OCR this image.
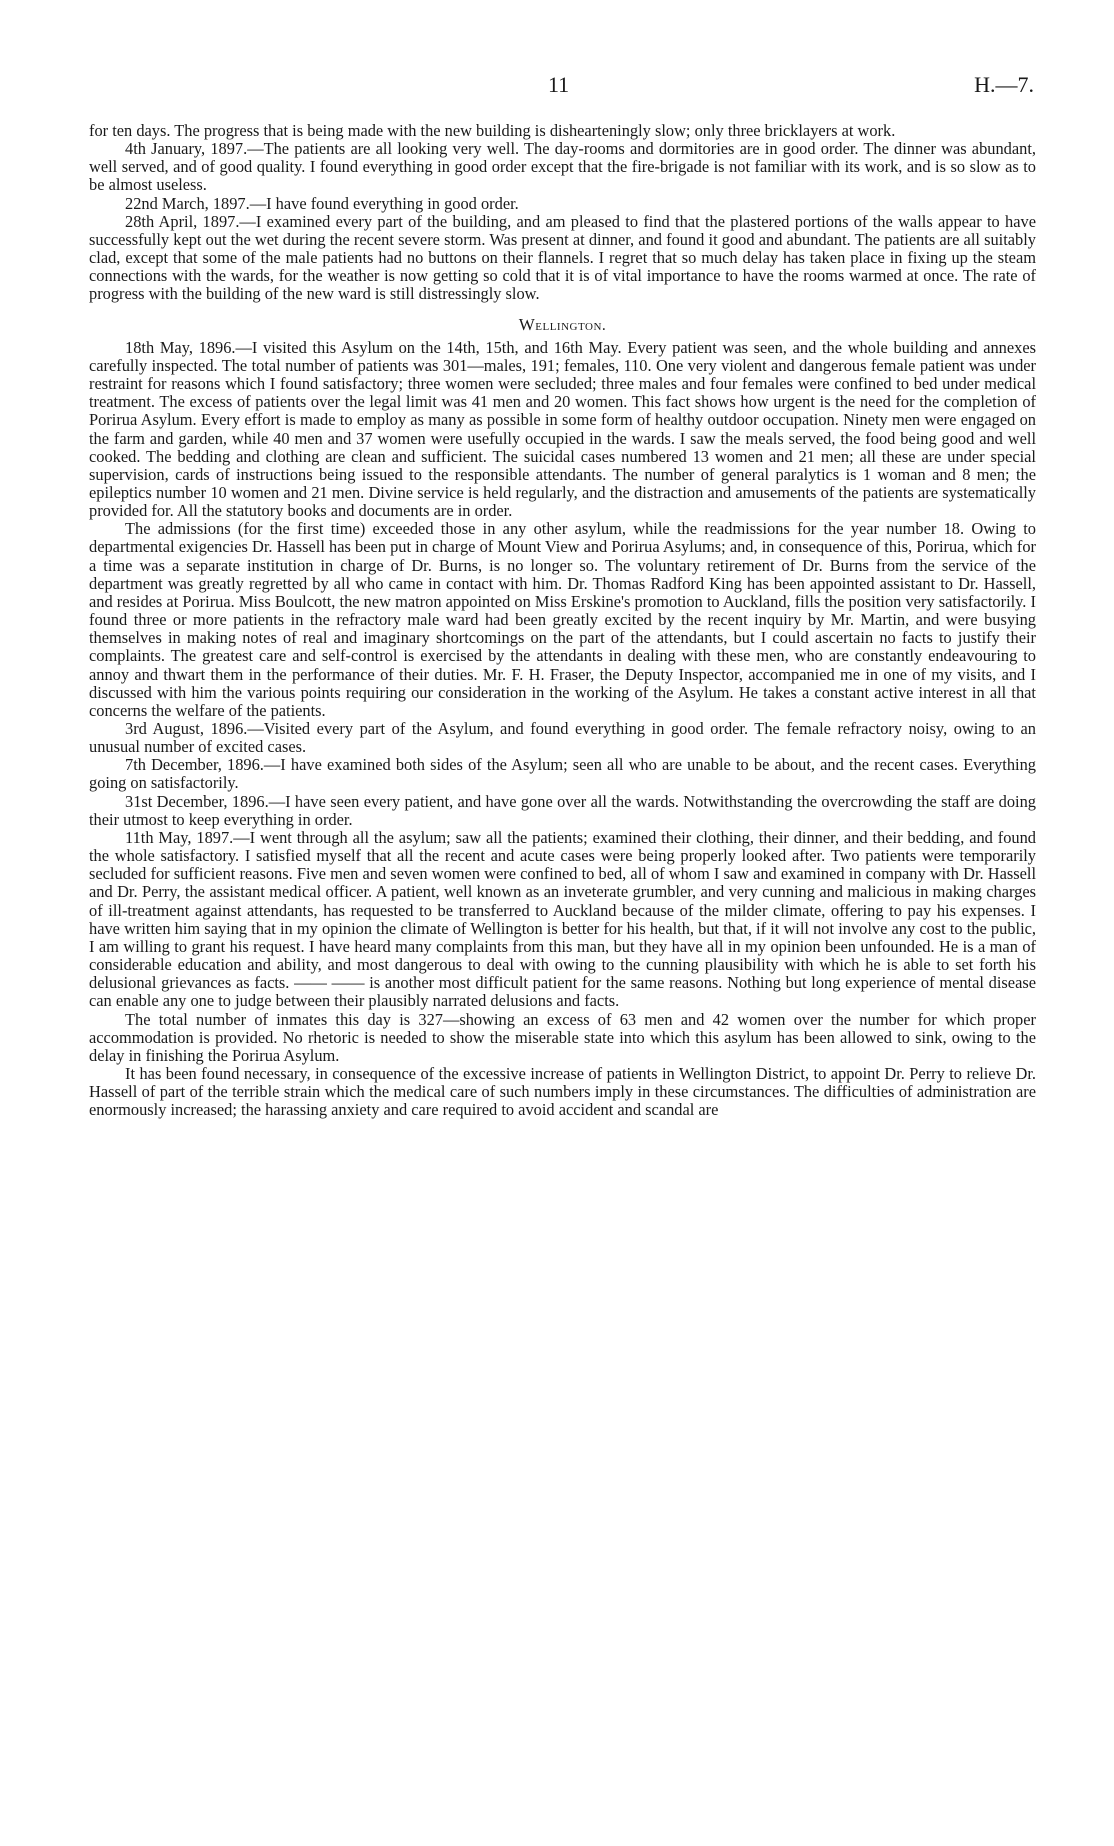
11	H.—7.

for ten days. The progress that is being made with the new building is dishearteningly slow; only three bricklayers at work.

4th January, 1897.—The patients are all looking very well. The day-rooms and dormitories are in good order. The dinner was abundant, well served, and of good quality. I found everything in good order except that the fire-brigade is not familiar with its work, and is so slow as to be almost useless.

22nd March, 1897.—I have found everything in good order.

28th April, 1897.—I examined every part of the building, and am pleased to find that the plastered portions of the walls appear to have successfully kept out the wet during the recent severe storm. Was present at dinner, and found it good and abundant. The patients are all suitably clad, except that some of the male patients had no buttons on their flannels. I regret that so much delay has taken place in fixing up the steam connections with the wards, for the weather is now getting so cold that it is of vital importance to have the rooms warmed at once. The rate of progress with the building of the new ward is still distressingly slow.

Wellington.

18th May, 1896.—I visited this Asylum on the 14th, 15th, and 16th May. Every patient was seen, and the whole building and annexes carefully inspected. The total number of patients was 301—males, 191; females, 110. One very violent and dangerous female patient was under restraint for reasons which I found satisfactory; three women were secluded; three males and four females were confined to bed under medical treatment. The excess of patients over the legal limit was 41 men and 20 women. This fact shows how urgent is the need for the completion of Porirua Asylum. Every effort is made to employ as many as possible in some form of healthy outdoor occupation. Ninety men were engaged on the farm and garden, while 40 men and 37 women were usefully occupied in the wards. I saw the meals served, the food being good and well cooked. The bedding and clothing are clean and sufficient. The suicidal cases numbered 13 women and 21 men; all these are under special supervision, cards of instructions being issued to the responsible attendants. The number of general paralytics is 1 woman and 8 men; the epileptics number 10 women and 21 men. Divine service is held regularly, and the distraction and amusements of the patients are systematically provided for. All the statutory books and documents are in order.

The admissions (for the first time) exceeded those in any other asylum, while the readmissions for the year number 18. Owing to departmental exigencies Dr. Hassell has been put in charge of Mount View and Porirua Asylums; and, in consequence of this, Porirua, which for a time was a separate institution in charge of Dr. Burns, is no longer so. The voluntary retirement of Dr. Burns from the service of the department was greatly regretted by all who came in contact with him. Dr. Thomas Radford King has been appointed assistant to Dr. Hassell, and resides at Porirua. Miss Boulcott, the new matron appointed on Miss Erskine's promotion to Auckland, fills the position very satisfactorily. I found three or more patients in the refractory male ward had been greatly excited by the recent inquiry by Mr. Martin, and were busying themselves in making notes of real and imaginary shortcomings on the part of the attendants, but I could ascertain no facts to justify their complaints. The greatest care and self-control is exercised by the attendants in dealing with these men, who are constantly endeavouring to annoy and thwart them in the performance of their duties. Mr. F. H. Fraser, the Deputy Inspector, accompanied me in one of my visits, and I discussed with him the various points requiring our consideration in the working of the Asylum. He takes a constant active interest in all that concerns the welfare of the patients.

3rd August, 1896.—Visited every part of the Asylum, and found everything in good order. The female refractory noisy, owing to an unusual number of excited cases.

7th December, 1896.—I have examined both sides of the Asylum; seen all who are unable to be about, and the recent cases. Everything going on satisfactorily.

31st December, 1896.—I have seen every patient, and have gone over all the wards. Notwithstanding the overcrowding the staff are doing their utmost to keep everything in order.

11th May, 1897.—I went through all the asylum; saw all the patients; examined their clothing, their dinner, and their bedding, and found the whole satisfactory. I satisfied myself that all the recent and acute cases were being properly looked after. Two patients were temporarily secluded for sufficient reasons. Five men and seven women were confined to bed, all of whom I saw and examined in company with Dr. Hassell and Dr. Perry, the assistant medical officer. A patient, well known as an inveterate grumbler, and very cunning and malicious in making charges of ill-treatment against attendants, has requested to be transferred to Auckland because of the milder climate, offering to pay his expenses. I have written him saying that in my opinion the climate of Wellington is better for his health, but that, if it will not involve any cost to the public, I am willing to grant his request. I have heard many complaints from this man, but they have all in my opinion been unfounded. He is a man of considerable education and ability, and most dangerous to deal with owing to the cunning plausibility with which he is able to set forth his delusional grievances as facts. —— —— is another most difficult patient for the same reasons. Nothing but long experience of mental disease can enable any one to judge between their plausibly narrated delusions and facts.

The total number of inmates this day is 327—showing an excess of 63 men and 42 women over the number for which proper accommodation is provided. No rhetoric is needed to show the miserable state into which this asylum has been allowed to sink, owing to the delay in finishing the Porirua Asylum.

It has been found necessary, in consequence of the excessive increase of patients in Wellington District, to appoint Dr. Perry to relieve Dr. Hassell of part of the terrible strain which the medical care of such numbers imply in these circumstances. The difficulties of administration are enormously increased; the harassing anxiety and care required to avoid accident and scandal are
